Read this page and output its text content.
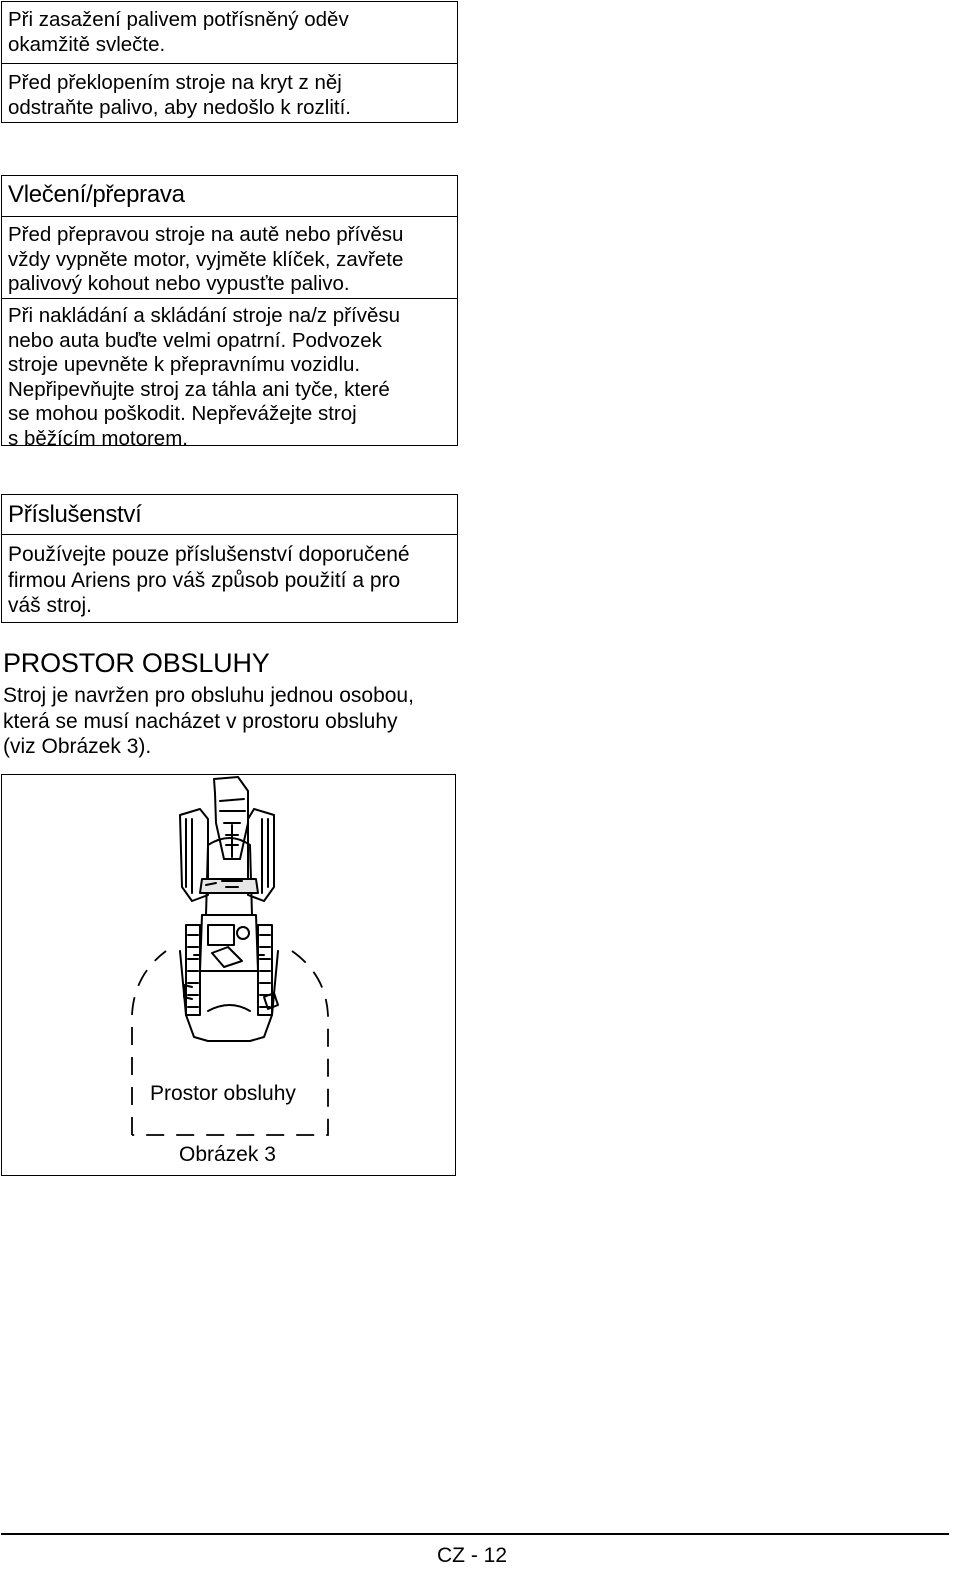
Při zasažení palivem potřísněný oděv
okamžitě svlečte.
Před překlopením stroje na kryt z něj
odstraňte palivo, aby nedošlo k rozlití.
Vlečení/přeprava
Před přepravou stroje na autě nebo přívěsu
vždy vypněte motor, vyjměte klíček, zavřete
palivový kohout nebo vypusťte palivo.
Při nakládání a skládání stroje na/z přívěsu
nebo auta buďte velmi opatrní. Podvozek
stroje upevněte k přepravnímu vozidlu.
Nepřipevňujte stroj za táhla ani tyče, které
se mohou poškodit. Nepřevážejte stroj
s běžícím motorem.
Příslušenství
Používejte pouze příslušenství doporučené
firmou Ariens pro váš způsob použití a pro
váš stroj.
PROSTOR OBSLUHY
Stroj je navržen pro obsluhu jednou osobou,
která se musí nacházet v prostoru obsluhy
(viz Obrázek 3).
Prostor obsluhy
Obrázek 3
CZ - 12
